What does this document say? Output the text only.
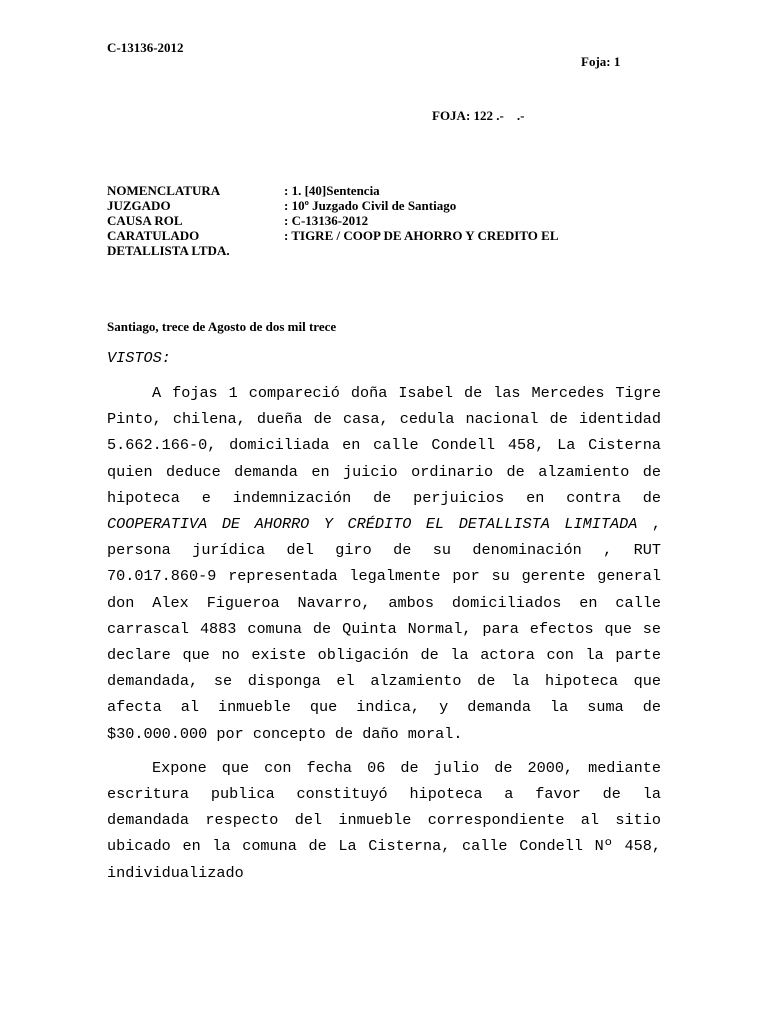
C-13136-2012
Foja: 1
FOJA: 122 .-    .-
NOMENCLATURA	: 1. [40]Sentencia
JUZGADO	: 10º Juzgado Civil de Santiago
CAUSA ROL	: C-13136-2012
CARATULADO	: TIGRE / COOP DE AHORRO Y CREDITO EL
DETALLISTA LTDA.
Santiago, trece de Agosto de dos mil trece
VISTOS:

A fojas 1 compareció doña Isabel de las Mercedes Tigre Pinto, chilena, dueña de casa, cedula nacional de identidad 5.662.166-0, domiciliada en calle Condell 458, La Cisterna quien deduce demanda en juicio ordinario de alzamiento de hipoteca e indemnización de perjuicios en contra de COOPERATIVA DE AHORRO Y CRÉDITO EL DETALLISTA LIMITADA , persona jurídica del giro de su denominación , RUT 70.017.860-9 representada legalmente por su gerente general don Alex Figueroa Navarro, ambos domiciliados en calle carrascal 4883 comuna de Quinta Normal, para efectos que se declare que no existe obligación de la actora con la parte demandada, se disponga el alzamiento de la hipoteca que afecta al inmueble que indica, y demanda la suma de $30.000.000 por concepto de daño moral.

Expone que con fecha 06 de julio de 2000, mediante escritura publica constituyó hipoteca a favor de la demandada respecto del inmueble correspondiente al sitio ubicado en la comuna de La Cisterna, calle Condell Nº 458, individualizado
